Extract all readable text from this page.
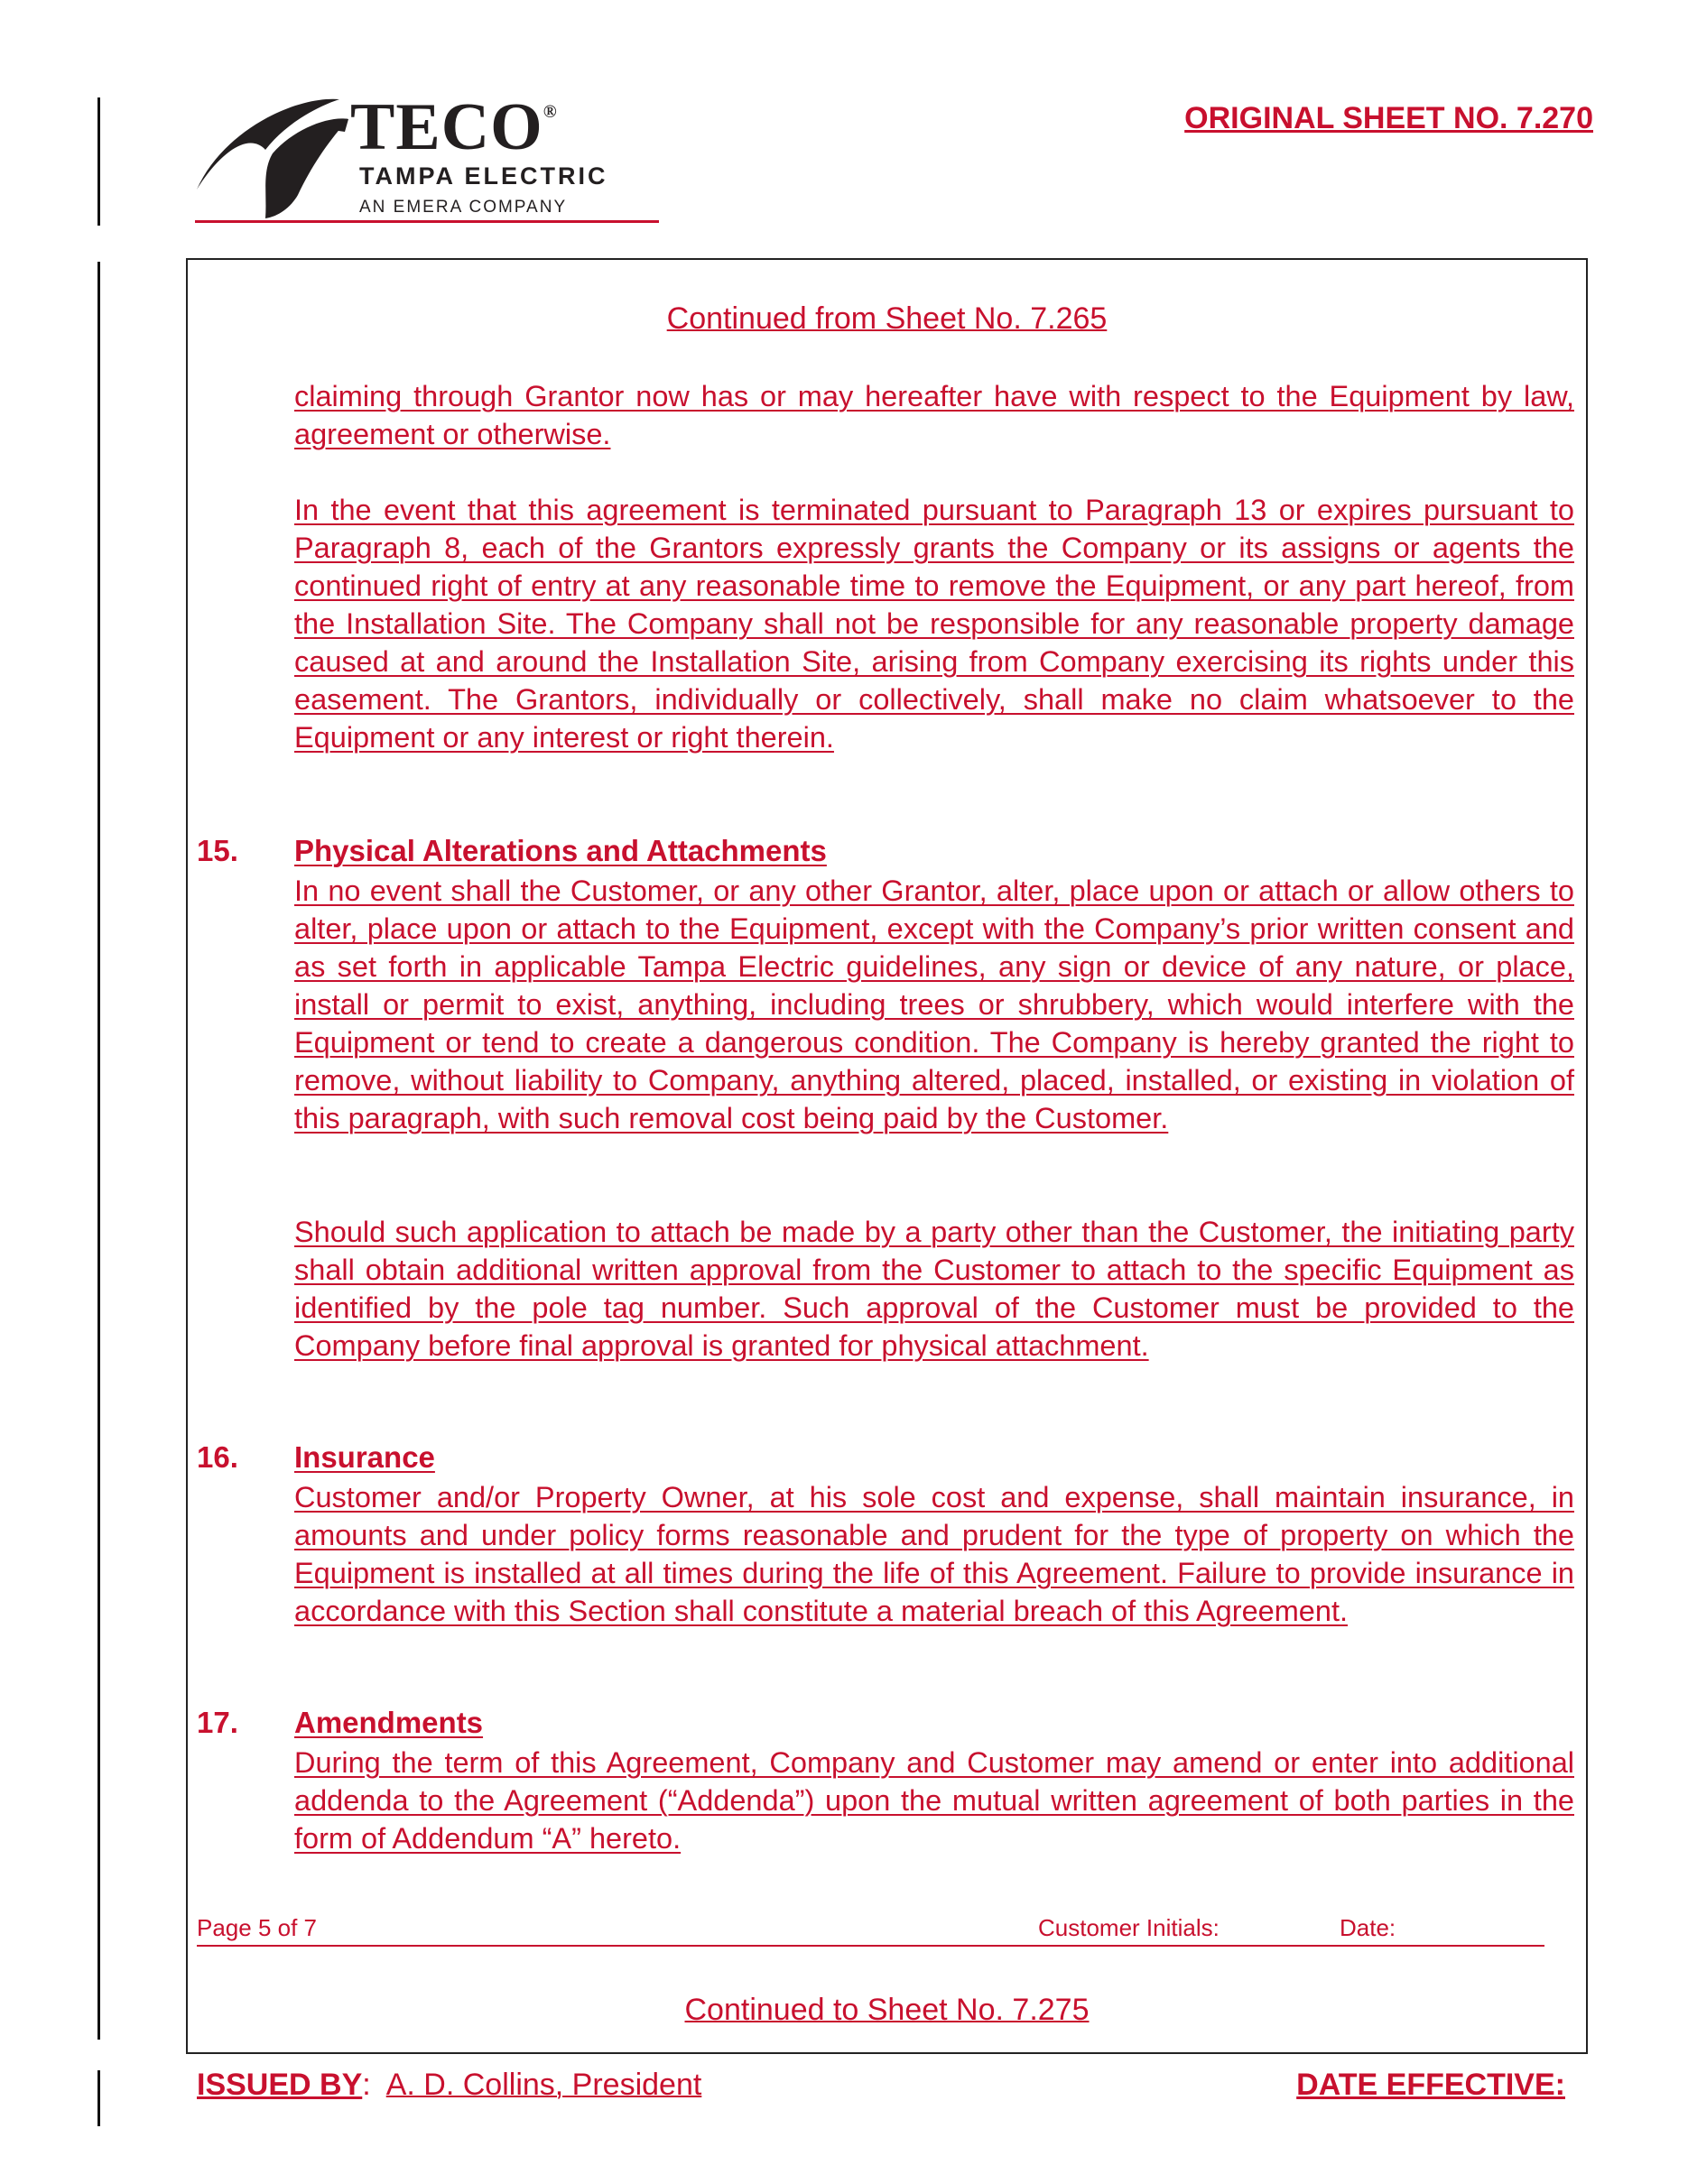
TECO®
TAMPA ELECTRIC
AN EMERA COMPANY
ORIGINAL SHEET NO. 7.270
Continued from Sheet No. 7.265
Continued to Sheet No. 7.275
claiming through Grantor now has or may hereafter have with respect to the Equipment by law, agreement or otherwise.
In the event that this agreement is terminated pursuant to Paragraph 13 or expires pursuant to Paragraph 8, each of the Grantors expressly grants the Company or its assigns or agents the continued right of entry at any reasonable time to remove the Equipment, or any part hereof, from the Installation Site. The Company shall not be responsible for any reasonable property damage caused at and around the Installation Site, arising from Company exercising its rights under this easement. The Grantors, individually or collectively, shall make no claim whatsoever to the Equipment or any interest or right therein.
15. Physical Alterations and Attachments
In no event shall the Customer, or any other Grantor, alter, place upon or attach or allow others to alter, place upon or attach to the Equipment, except with the Company’s prior written consent and as set forth in applicable Tampa Electric guidelines, any sign or device of any nature, or place, install or permit to exist, anything, including trees or shrubbery, which would interfere with the Equipment or tend to create a dangerous condition. The Company is hereby granted the right to remove, without liability to Company, anything altered, placed, installed, or existing in violation of this paragraph, with such removal cost being paid by the Customer.
Should such application to attach be made by a party other than the Customer, the initiating party shall obtain additional written approval from the Customer to attach to the specific Equipment as identified by the pole tag number. Such approval of the Customer must be provided to the Company before final approval is granted for physical attachment.
16. Insurance
Customer and/or Property Owner, at his sole cost and expense, shall maintain insurance, in amounts and under policy forms reasonable and prudent for the type of property on which the Equipment is installed at all times during the life of this Agreement. Failure to provide insurance in accordance with this Section shall constitute a material breach of this Agreement.
17. Amendments
During the term of this Agreement, Company and Customer may amend or enter into additional addenda to the Agreement (“Addenda”) upon the mutual written agreement of both parties in the form of Addendum “A” hereto.
Page 5 of 7	Customer Initials:	Date:
ISSUED BY:  A. D. Collins, President	DATE EFFECTIVE:
